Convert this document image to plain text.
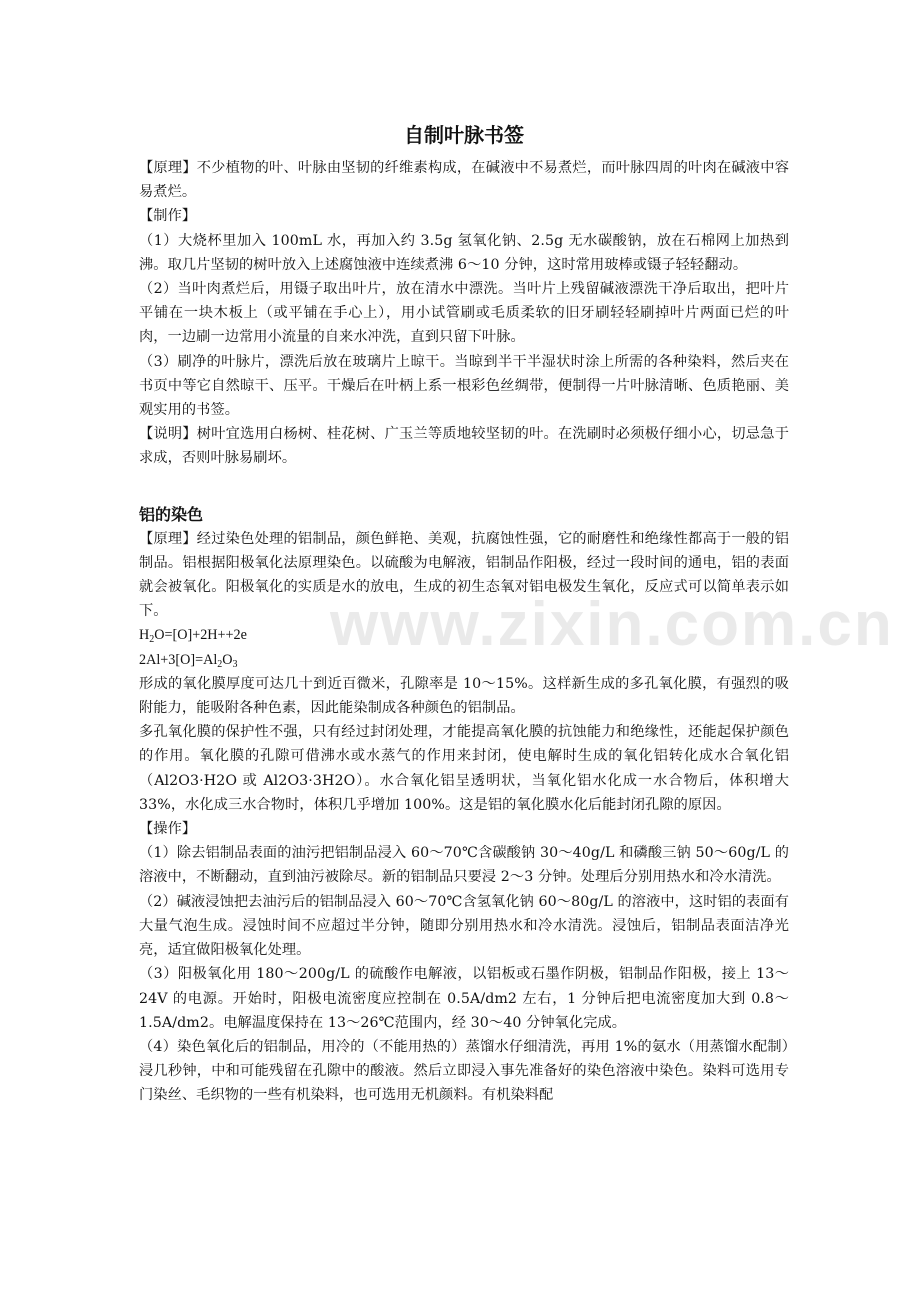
www.zixin.com.cn
自制叶脉书签

【原理】不少植物的叶、叶脉由坚韧的纤维素构成，在碱液中不易煮烂，而叶脉四周的叶肉在碱液中容易煮烂。

【制作】

（1）大烧杯里加入 100mL 水，再加入约 3.5g 氢氧化钠、2.5g 无水碳酸钠，放在石棉网上加热到沸。取几片坚韧的树叶放入上述腐蚀液中连续煮沸 6～10 分钟，这时常用玻棒或镊子轻轻翻动。

（2）当叶肉煮烂后，用镊子取出叶片，放在清水中漂洗。当叶片上残留碱液漂洗干净后取出，把叶片平铺在一块木板上（或平铺在手心上），用小试管刷或毛质柔软的旧牙刷轻轻刷掉叶片两面已烂的叶肉，一边刷一边常用小流量的自来水冲洗，直到只留下叶脉。

（3）刷净的叶脉片，漂洗后放在玻璃片上晾干。当晾到半干半湿状时涂上所需的各种染料，然后夹在书页中等它自然晾干、压平。干燥后在叶柄上系一根彩色丝绸带，便制得一片叶脉清晰、色质艳丽、美观实用的书签。

【说明】树叶宜选用白杨树、桂花树、广玉兰等质地较坚韧的叶。在洗刷时必须极仔细小心，切忌急于求成，否则叶脉易刷坏。

铝的染色

【原理】经过染色处理的铝制品，颜色鲜艳、美观，抗腐蚀性强，它的耐磨性和绝缘性都高于一般的铝制品。铝根据阳极氧化法原理染色。以硫酸为电解液，铝制品作阳极，经过一段时间的通电，铝的表面就会被氧化。阳极氧化的实质是水的放电，生成的初生态氧对铝电极发生氧化，反应式可以简单表示如下。

$H_2O=[O]+2H++2e$

$2Al+3[O]=Al_2O_3$

形成的氧化膜厚度可达几十到近百微米，孔隙率是 10～15%。这样新生成的多孔氧化膜，有强烈的吸附能力，能吸附各种色素，因此能染制成各种颜色的铝制品。

多孔氧化膜的保护性不强，只有经过封闭处理，才能提高氧化膜的抗蚀能力和绝缘性，还能起保护颜色的作用。氧化膜的孔隙可借沸水或水蒸气的作用来封闭，使电解时生成的氧化铝转化成水合氧化铝（Al2O3·H2O 或 Al2O3·3H2O）。水合氧化铝呈透明状，当氧化铝水化成一水合物后，体积增大 33%，水化成三水合物时，体积几乎增加 100%。这是铝的氧化膜水化后能封闭孔隙的原因。

【操作】

（1）除去铝制品表面的油污把铝制品浸入 60～70℃含碳酸钠 30～40g/L 和磷酸三钠 50～60g/L 的溶液中，不断翻动，直到油污被除尽。新的铝制品只要浸 2～3 分钟。处理后分别用热水和冷水清洗。

（2）碱液浸蚀把去油污后的铝制品浸入 60～70℃含氢氧化钠 60～80g/L 的溶液中，这时铝的表面有大量气泡生成。浸蚀时间不应超过半分钟，随即分别用热水和冷水清洗。浸蚀后，铝制品表面洁净光亮，适宜做阳极氧化处理。

（3）阳极氧化用 180～200g/L 的硫酸作电解液，以铝板或石墨作阴极，铝制品作阳极，接上 13～24V 的电源。开始时，阳极电流密度应控制在 0.5A/dm2 左右，1 分钟后把电流密度加大到 0.8～1.5A/dm2。电解温度保持在 13～26℃范围内，经 30～40 分钟氧化完成。

（4）染色氧化后的铝制品，用冷的（不能用热的）蒸馏水仔细清洗，再用 1%的氨水（用蒸馏水配制）浸几秒钟，中和可能残留在孔隙中的酸液。然后立即浸入事先准备好的染色溶液中染色。染料可选用专门染丝、毛织物的一些有机染料，也可选用无机颜料。有机染料配
